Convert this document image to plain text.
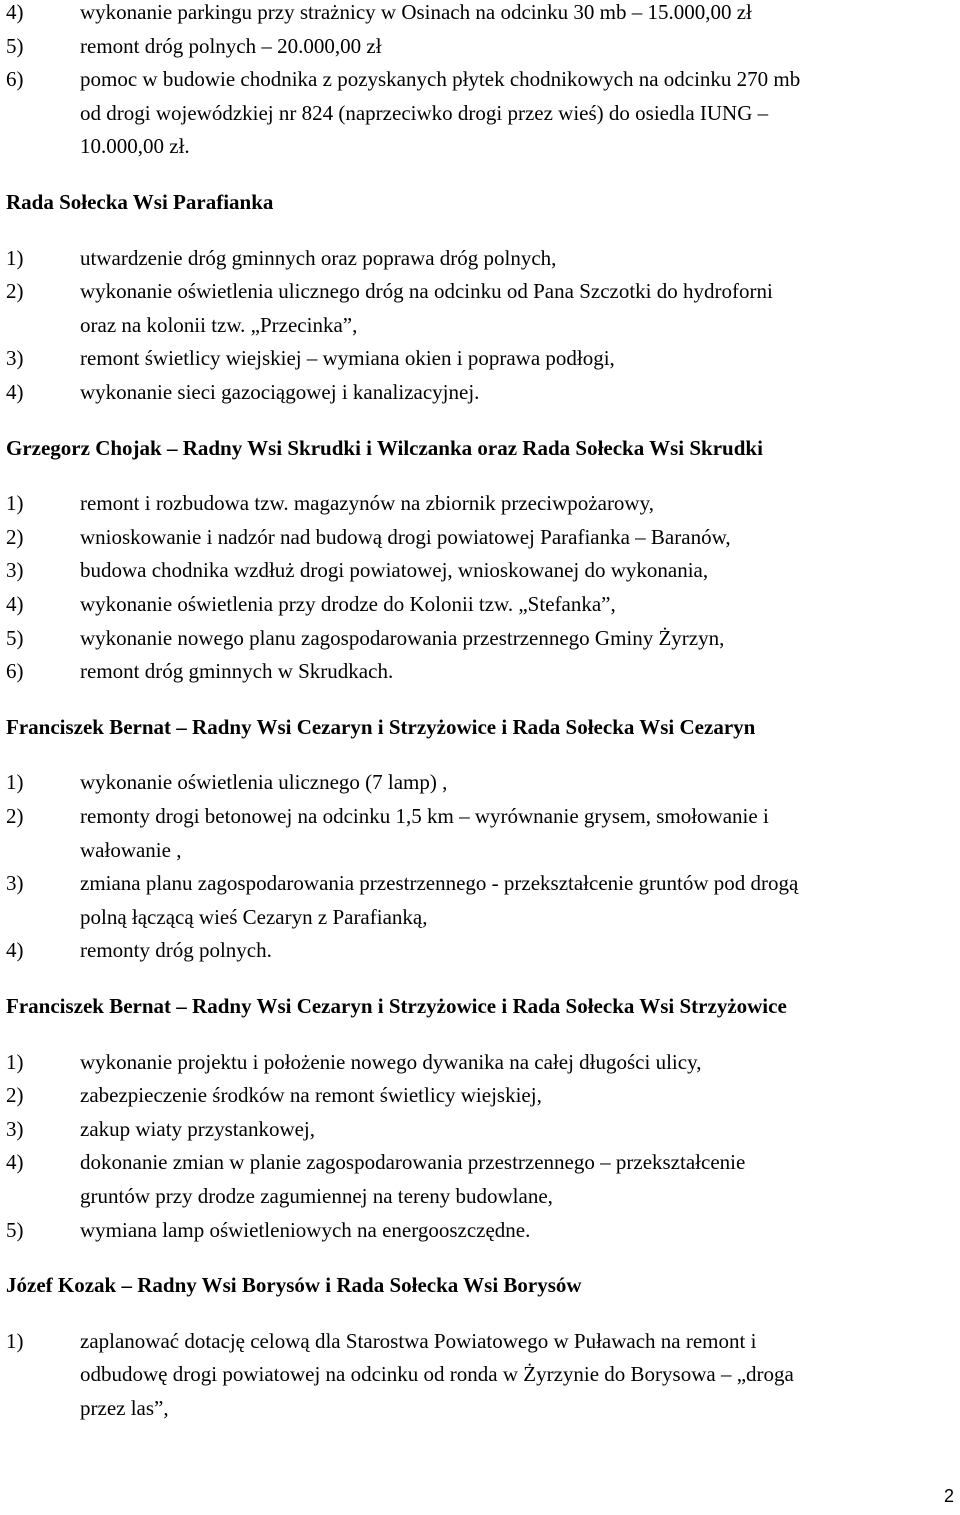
4)	wykonanie parkingu przy strażnicy w Osinach na odcinku 30 mb – 15.000,00 zł
5)	remont dróg polnych – 20.000,00 zł
6)	pomoc w budowie chodnika z pozyskanych płytek chodnikowych na odcinku 270 mb
od drogi wojewódzkiej nr 824 (naprzeciwko drogi przez wieś) do osiedla IUNG –
10.000,00 zł.
Rada Sołecka Wsi Parafianka
1)	utwardzenie dróg gminnych oraz poprawa dróg polnych,
2)	wykonanie oświetlenia ulicznego dróg na odcinku od Pana Szczotki do hydroforni
oraz na kolonii tzw. „Przecinka”,
3)	remont świetlicy wiejskiej – wymiana okien i poprawa podłogi,
4)	wykonanie sieci gazociągowej i kanalizacyjnej.
Grzegorz Chojak – Radny Wsi Skrudki i Wilczanka oraz Rada Sołecka Wsi Skrudki
1)	remont i rozbudowa tzw. magazynów na zbiornik przeciwpożarowy,
2)	wnioskowanie i nadzór nad budową drogi powiatowej Parafianka – Baranów,
3)	budowa chodnika wzdłuż drogi powiatowej, wnioskowanej do wykonania,
4)	wykonanie oświetlenia przy drodze do Kolonii tzw. „Stefanka”,
5)	wykonanie nowego planu zagospodarowania przestrzennego Gminy Żyrzyn,
6)	remont dróg gminnych w Skrudkach.
Franciszek Bernat – Radny Wsi Cezaryn i Strzyżowice i Rada Sołecka Wsi Cezaryn
1)	wykonanie oświetlenia ulicznego (7 lamp) ,
2)	remonty drogi betonowej na odcinku 1,5 km – wyrównanie grysem, smołowanie i
wałowanie ,
3)	zmiana planu zagospodarowania przestrzennego - przekształcenie gruntów pod drogą
polną łączącą wieś Cezaryn z Parafianką,
4)	remonty dróg polnych.
Franciszek Bernat – Radny Wsi Cezaryn i Strzyżowice i Rada Sołecka Wsi Strzyżowice
1)	wykonanie projektu i położenie nowego dywanika na całej długości ulicy,
2)	zabezpieczenie środków na remont świetlicy wiejskiej,
3)	zakup wiaty przystankowej,
4)	dokonanie zmian w planie zagospodarowania przestrzennego – przekształcenie
gruntów przy drodze zagumiennej na tereny budowlane,
5)	wymiana lamp oświetleniowych na energooszczędne.
Józef Kozak – Radny Wsi Borysów i Rada Sołecka Wsi Borysów
1)	zaplanować dotację celową dla Starostwa Powiatowego w Puławach na remont i
odbudowę drogi powiatowej na odcinku od ronda w Żyrzynie do Borysowa – „droga
przez las”,
2
